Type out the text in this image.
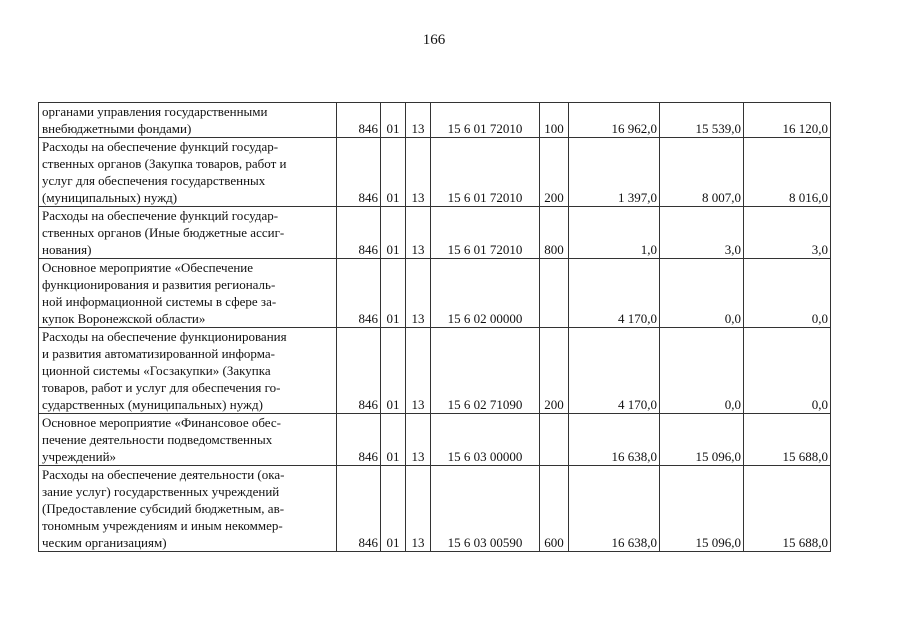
166
органами управления государственными
внебюджетными фондами)	846	01	13	15 6 01 72010	100	16 962,0	15 539,0	16 120,0

Расходы на обеспечение функций государ-
ственных органов (Закупка товаров, работ и
услуг для обеспечения государственных
(муниципальных) нужд)	846	01	13	15 6 01 72010	200	1 397,0	8 007,0	8 016,0

Расходы на обеспечение функций государ-
ственных органов (Иные бюджетные ассиг-
нования)	846	01	13	15 6 01 72010	800	1,0	3,0	3,0

Основное мероприятие «Обеспечение
функционирования и развития региональ-
ной информационной системы в сфере за-
купок Воронежской области»	846	01	13	15 6 02 00000		4 170,0	0,0	0,0

Расходы на обеспечение функционирования
и развития автоматизированной информа-
ционной системы «Госзакупки» (Закупка
товаров, работ и услуг для обеспечения го-
сударственных (муниципальных) нужд)	846	01	13	15 6 02 71090	200	4 170,0	0,0	0,0

Основное мероприятие «Финансовое обес-
печение деятельности подведомственных
учреждений»	846	01	13	15 6 03 00000		16 638,0	15 096,0	15 688,0

Расходы на обеспечение деятельности (ока-
зание услуг) государственных учреждений
(Предоставление субсидий бюджетным, ав-
тономным учреждениям и иным некоммер-
ческим организациям)	846	01	13	15 6 03 00590	600	16 638,0	15 096,0	15 688,0
